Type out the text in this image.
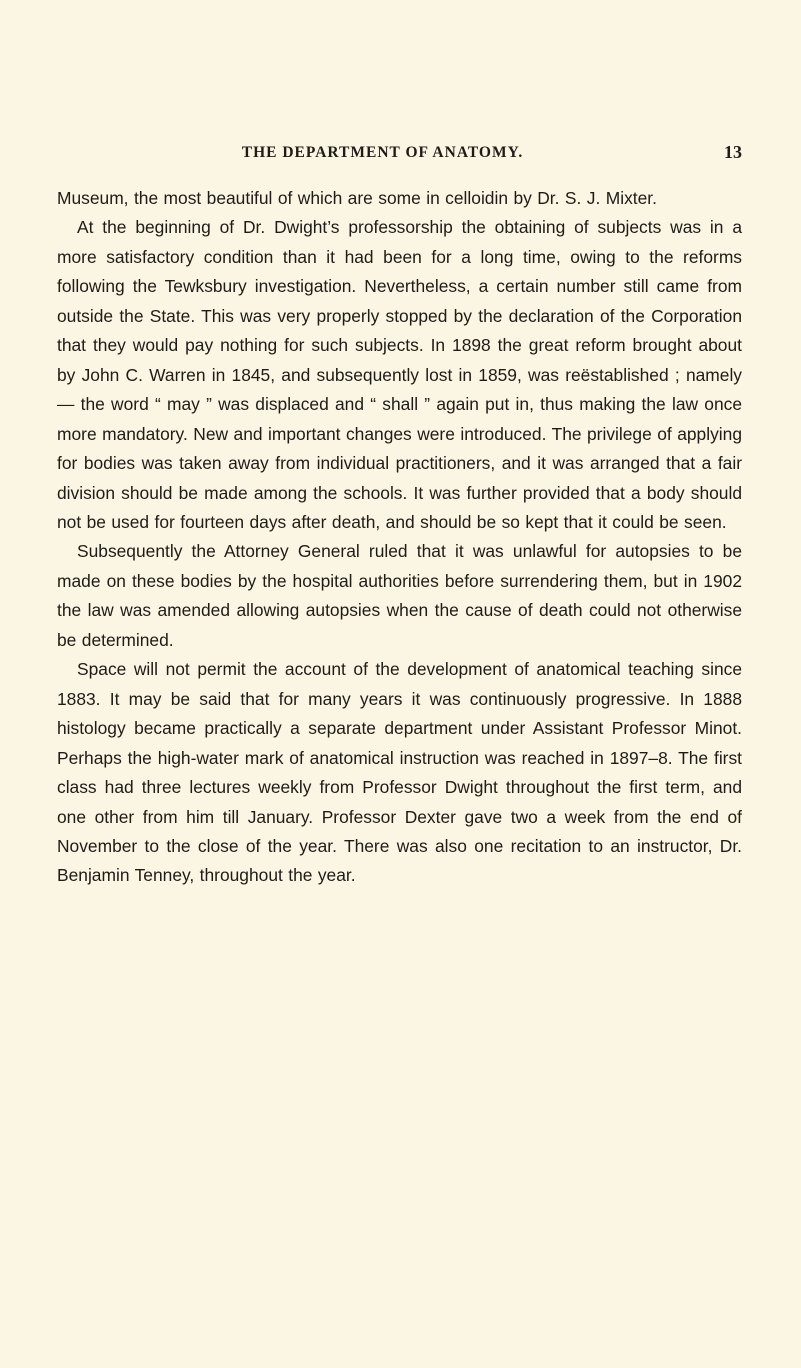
THE DEPARTMENT OF ANATOMY.	13

Museum, the most beautiful of which are some in celloidin by Dr. S. J. Mixter.

At the beginning of Dr. Dwight’s professorship the obtaining of subjects was in a more satisfactory condition than it had been for a long time, owing to the reforms following the Tewksbury investigation. Nevertheless, a certain number still came from outside the State. This was very properly stopped by the declaration of the Corporation that they would pay nothing for such subjects. In 1898 the great reform brought about by John C. Warren in 1845, and subsequently lost in 1859, was reëstablished ; namely — the word “ may ” was displaced and “ shall ” again put in, thus making the law once more mandatory. New and important changes were introduced. The privilege of applying for bodies was taken away from individual practitioners, and it was arranged that a fair division should be made among the schools. It was further provided that a body should not be used for fourteen days after death, and should be so kept that it could be seen.

Subsequently the Attorney General ruled that it was unlawful for autopsies to be made on these bodies by the hospital authorities before surrendering them, but in 1902 the law was amended allowing autopsies when the cause of death could not otherwise be determined.

Space will not permit the account of the development of anatomical teaching since 1883. It may be said that for many years it was continuously progressive. In 1888 histology became practically a separate department under Assistant Professor Minot. Perhaps the high-water mark of anatomical instruction was reached in 1897–8. The first class had three lectures weekly from Professor Dwight throughout the first term, and one other from him till January. Professor Dexter gave two a week from the end of November to the close of the year. There was also one recitation to an instructor, Dr. Benjamin Tenney, throughout the year.
